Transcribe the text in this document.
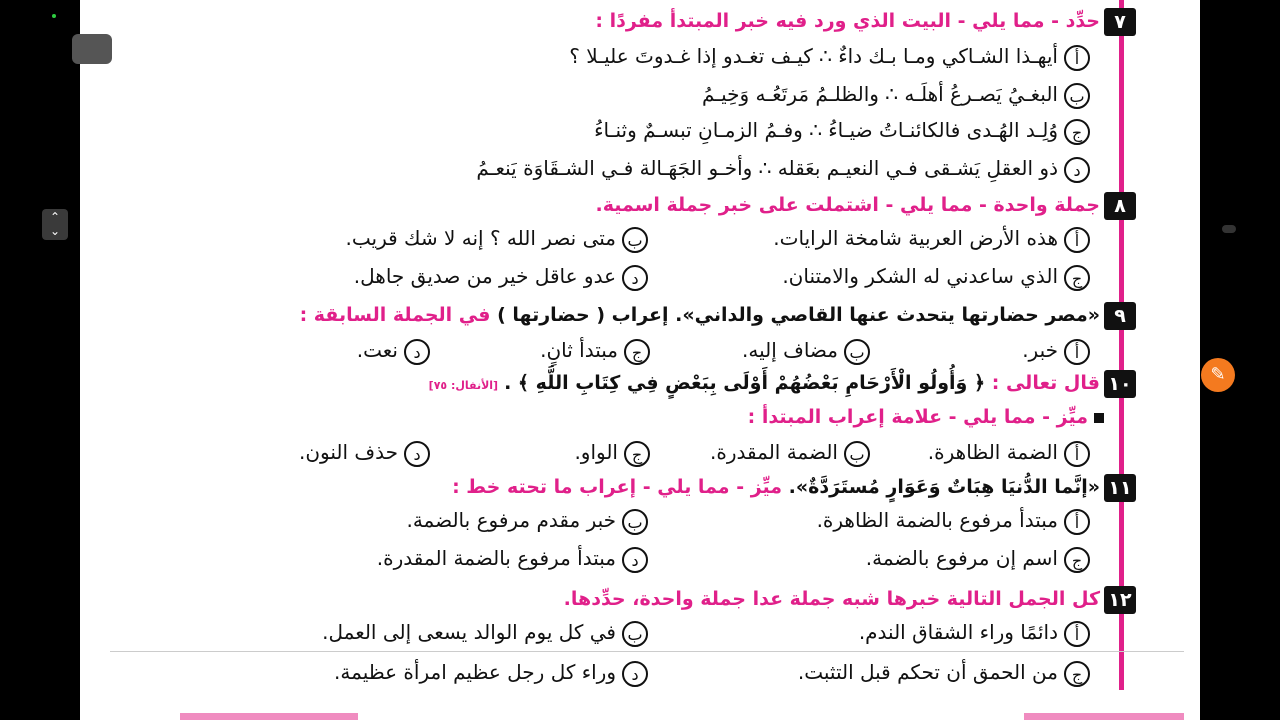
٧
حدِّد - مما يلي - البيت الذي ورد فيه خبر المبتدأ مفردًا :
أأيهـذا الشـاكي ومـا بـك داءٌ ∴ كيـف تغـدو إذا غـدوتَ عليـلا ؟
بالبغـيُ يَصـرعُ أهلَـه ∴ والظلـمُ مَرتَعُـه وَخِيـمُ
جوُلِـد الهُـدى فالكائنـاتُ ضيـاءُ ∴ وفـمُ الزمـانِ تبسـمٌ وثنـاءُ
دذو العقلِ يَشـقى فـي النعيـم بعَقله ∴ وأخـو الجَهَـالة فـي الشـقَاوَة يَنعـمُ
٨
جملة واحدة - مما يلي - اشتملت على خبر جملة اسمية.
أهذه الأرض العربية شامخة الرايات.
بمتى نصر الله ؟ إنه لا شك قريب.
جالذي ساعدني له الشكر والامتنان.
دعدو عاقل خير من صديق جاهل.
٩
«مصر حضارتها يتحدث عنها القاصي والداني». إعراب ( حضارتها ) في الجملة السابقة :
أخبر.
بمضاف إليه.
جمبتدأ ثانٍ.
دنعت.
١٠
قال تعالى : ﴿ وَأُولُو الْأَرْحَامِ بَعْضُهُمْ أَوْلَى بِبَعْضٍ فِي كِتَابِ اللَّهِ ﴾ .[الأنفال: ٧٥]
ميِّز - مما يلي - علامة إعراب المبتدأ :
أالضمة الظاهرة.
بالضمة المقدرة.
جالواو.
دحذف النون.
١١
«إنَّما الدُّنيَا هِبَاتٌ وَعَوَارٍ مُستَرَدَّةٌ». ميِّز - مما يلي - إعراب ما تحته خط :
أمبتدأ مرفوع بالضمة الظاهرة.
بخبر مقدم مرفوع بالضمة.
جاسم إن مرفوع بالضمة.
دمبتدأ مرفوع بالضمة المقدرة.
١٢
كل الجمل التالية خبرها شبه جملة عدا جملة واحدة، حدِّدها.
أدائمًا وراء الشقاق الندم.
بفي كل يوم الوالد يسعى إلى العمل.
جمن الحمق أن تحكم قبل التثبت.
دوراء كل رجل عظيم امرأة عظيمة.
⌃
⌄
✎
